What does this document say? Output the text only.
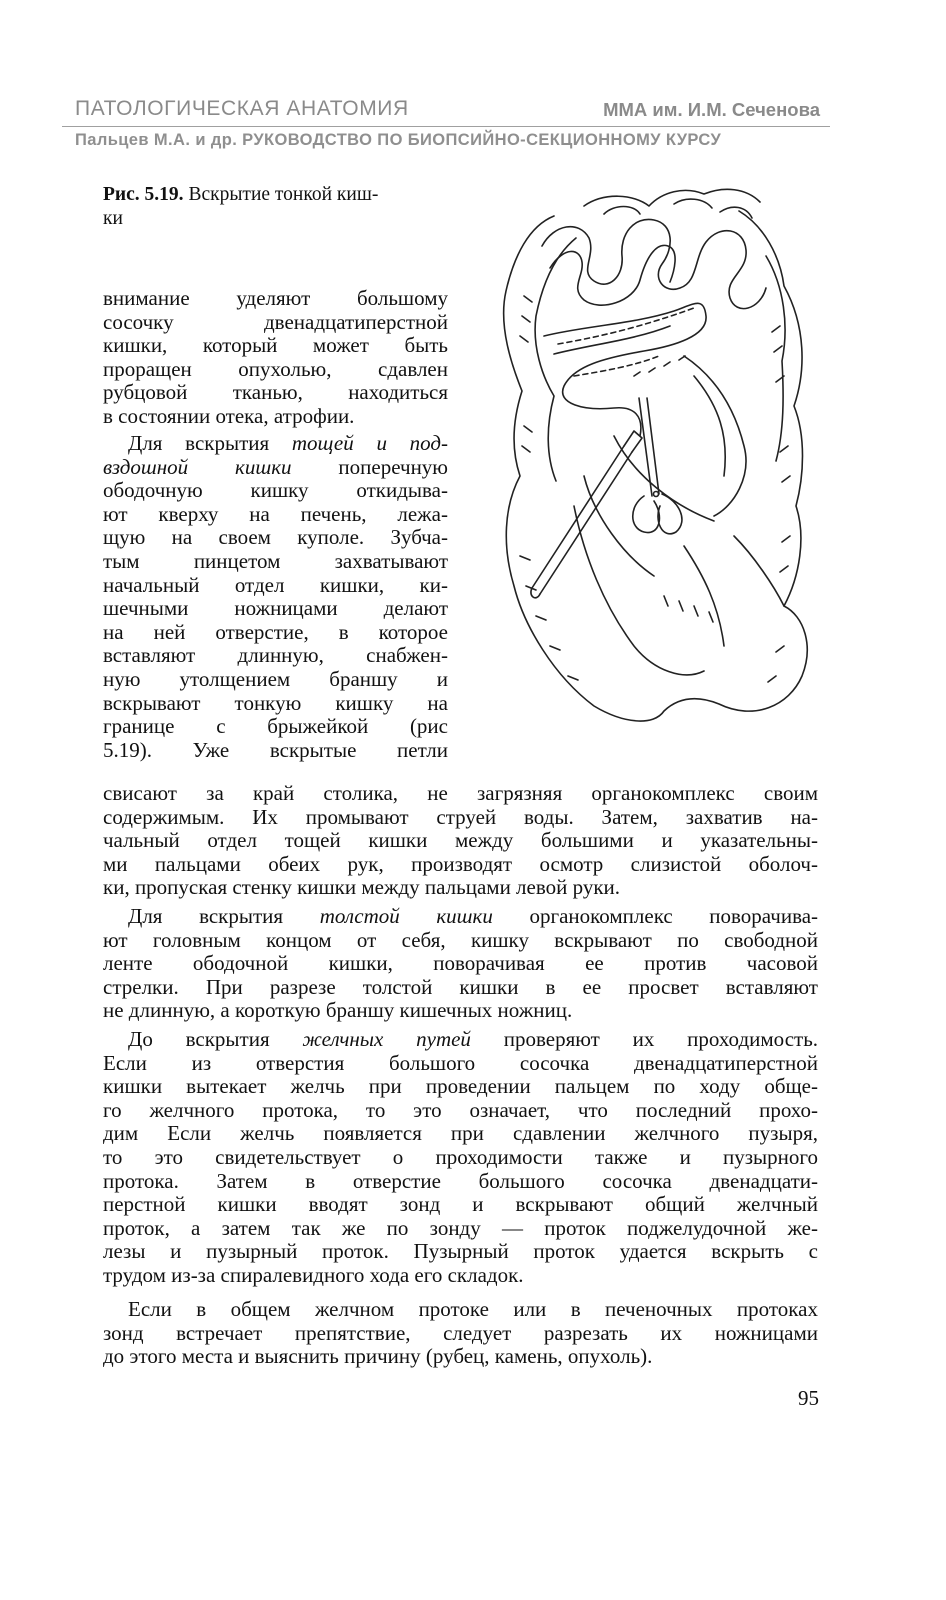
ПАТОЛОГИЧЕСКАЯ АНАТОМИЯ	ММА им. И.М. Сеченова
Пальцев М.А. и др. РУКОВОДСТВО ПО БИОПСИЙНО-СЕКЦИОННОМУ КУРСУ
Рис. 5.19. Вскрытие тонкой киш-
ки
внимание уделяют большому
сосочку двенадцатиперстной
кишки, который может быть
проращен опухолью, сдавлен
рубцовой тканью, находиться
в состоянии отека, атрофии.
Для вскрытия тощей и под-
вздошной кишки поперечную
ободочную кишку откидыва-
ют кверху на печень, лежа-
щую на своем куполе. Зубча-
тым пинцетом захватывают
начальный отдел кишки, ки-
шечными ножницами делают
на ней отверстие, в которое
вставляют длинную, снабжен-
ную утолщением браншу и
вскрывают тонкую кишку на
границе с брыжейкой (рис
5.19). Уже вскрытые петли
свисают за край столика, не загрязняя органокомплекс своим
содержимым. Их промывают струей воды. Затем, захватив на-
чальный отдел тощей кишки между большими и указательны-
ми пальцами обеих рук, производят осмотр слизистой оболоч-
ки, пропуская стенку кишки между пальцами левой руки.
Для вскрытия толстой кишки органокомплекс поворачива-
ют головным концом от себя, кишку вскрывают по свободной
ленте ободочной кишки, поворачивая ее против часовой
стрелки. При разрезе толстой кишки в ее просвет вставляют
не длинную, а короткую браншу кишечных ножниц.
До вскрытия желчных путей проверяют их проходимость.
Если из отверстия большого сосочка двенадцатиперстной
кишки вытекает желчь при проведении пальцем по ходу обще-
го желчного протока, то это означает, что последний прохо-
дим Если желчь появляется при сдавлении желчного пузыря,
то это свидетельствует о проходимости также и пузырного
протока. Затем в отверстие большого сосочка двенадцати-
перстной кишки вводят зонд и вскрывают общий желчный
проток, а затем так же по зонду — проток поджелудочной же-
лезы и пузырный проток. Пузырный проток удается вскрыть с
трудом из-за спиралевидного хода его складок.
Если в общем желчном протоке или в печеночных протоках
зонд встречает препятствие, следует разрезать их ножницами
до этого места и выяснить причину (рубец, камень, опухоль).
95
